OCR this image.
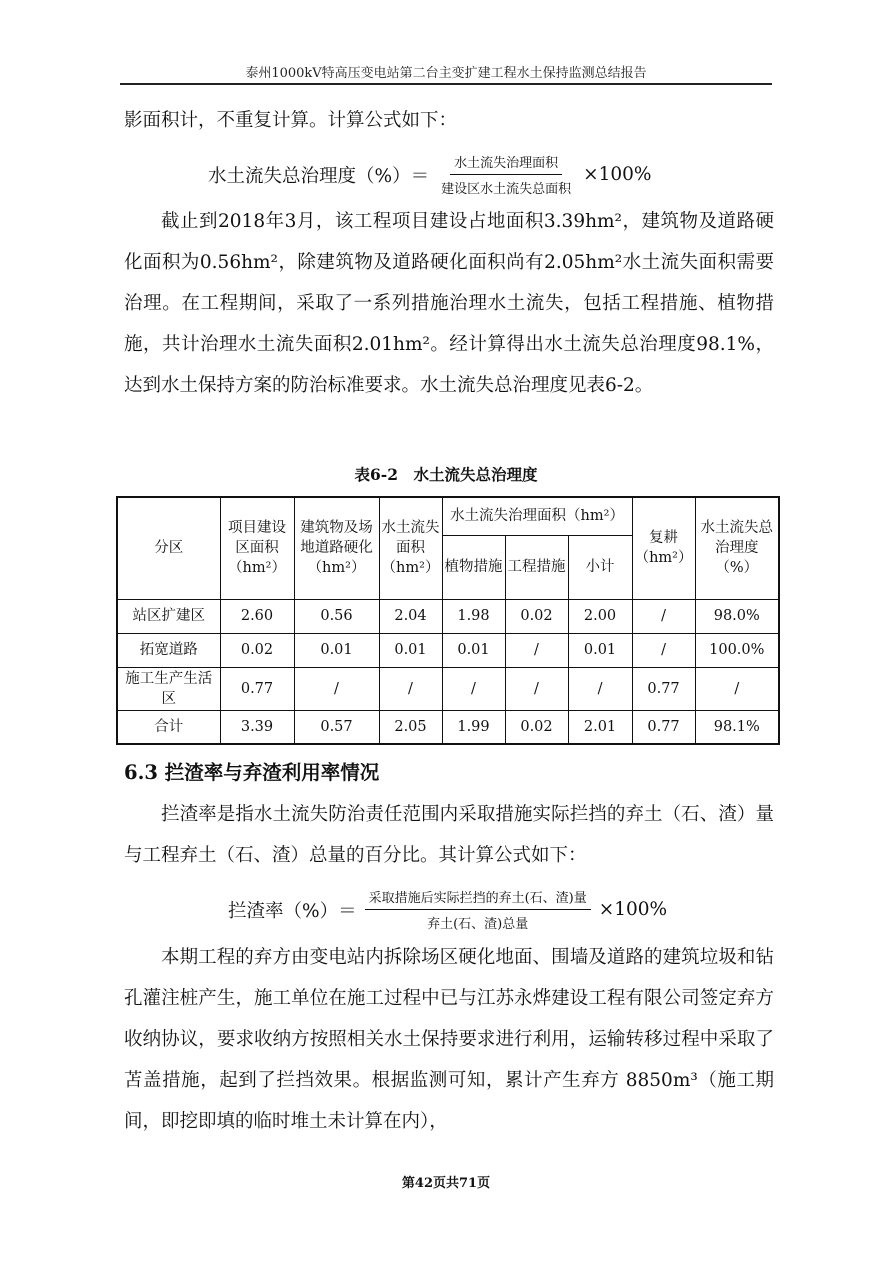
泰州1000kV特高压变电站第二台主变扩建工程水土保持监测总结报告

影面积计，不重复计算。计算公式如下：

水土流失总治理度（%）＝ $\frac{\text{水土流失治理面积}}{\text{建设区水土流失总面积}} \times 100\%$

截止到2018年3月，该工程项目建设占地面积3.39hm²，建筑物及道路硬化面积为0.56hm²，除建筑物及道路硬化面积尚有2.05hm²水土流失面积需要治理。在工程期间，采取了一系列措施治理水土流失，包括工程措施、植物措施，共计治理水土流失面积2.01hm²。经计算得出水土流失总治理度98.1%，达到水土保持方案的防治标准要求。水土流失总治理度见表6-2。

表6-2　水土流失总治理度
分区	项目建设区面积（hm²）	建筑物及场地道路硬化（hm²）	水土流失面积（hm²）	水土流失治理面积（hm²）			复耕（hm²）	水土流失总治理度（%）
				植物措施	工程措施	小计		
站区扩建区	2.60	0.56	2.04	1.98	0.02	2.00	/	98.0%
拓宽道路	0.02	0.01	0.01	0.01	/	0.01	/	100.0%
施工生产生活区	0.77	/	/	/	/	/	0.77	/
合计	3.39	0.57	2.05	1.99	0.02	2.01	0.77	98.1%
6.3 拦渣率与弃渣利用率情况

拦渣率是指水土流失防治责任范围内采取措施实际拦挡的弃土（石、渣）量与工程弃土（石、渣）总量的百分比。其计算公式如下：

拦渣率（%）＝ $\frac{\text{采取措施后实际拦挡的弃土(石、渣)量}}{\text{弃土(石、渣)总量}} \times 100\%$

本期工程的弃方由变电站内拆除场区硬化地面、围墙及道路的建筑垃圾和钻孔灌注桩产生，施工单位在施工过程中已与江苏永烨建设工程有限公司签定弃方收纳协议，要求收纳方按照相关水土保持要求进行利用，运输转移过程中采取了苫盖措施，起到了拦挡效果。根据监测可知，累计产生弃方 8850m³（施工期间，即挖即填的临时堆土未计算在内），

第42页共71页
